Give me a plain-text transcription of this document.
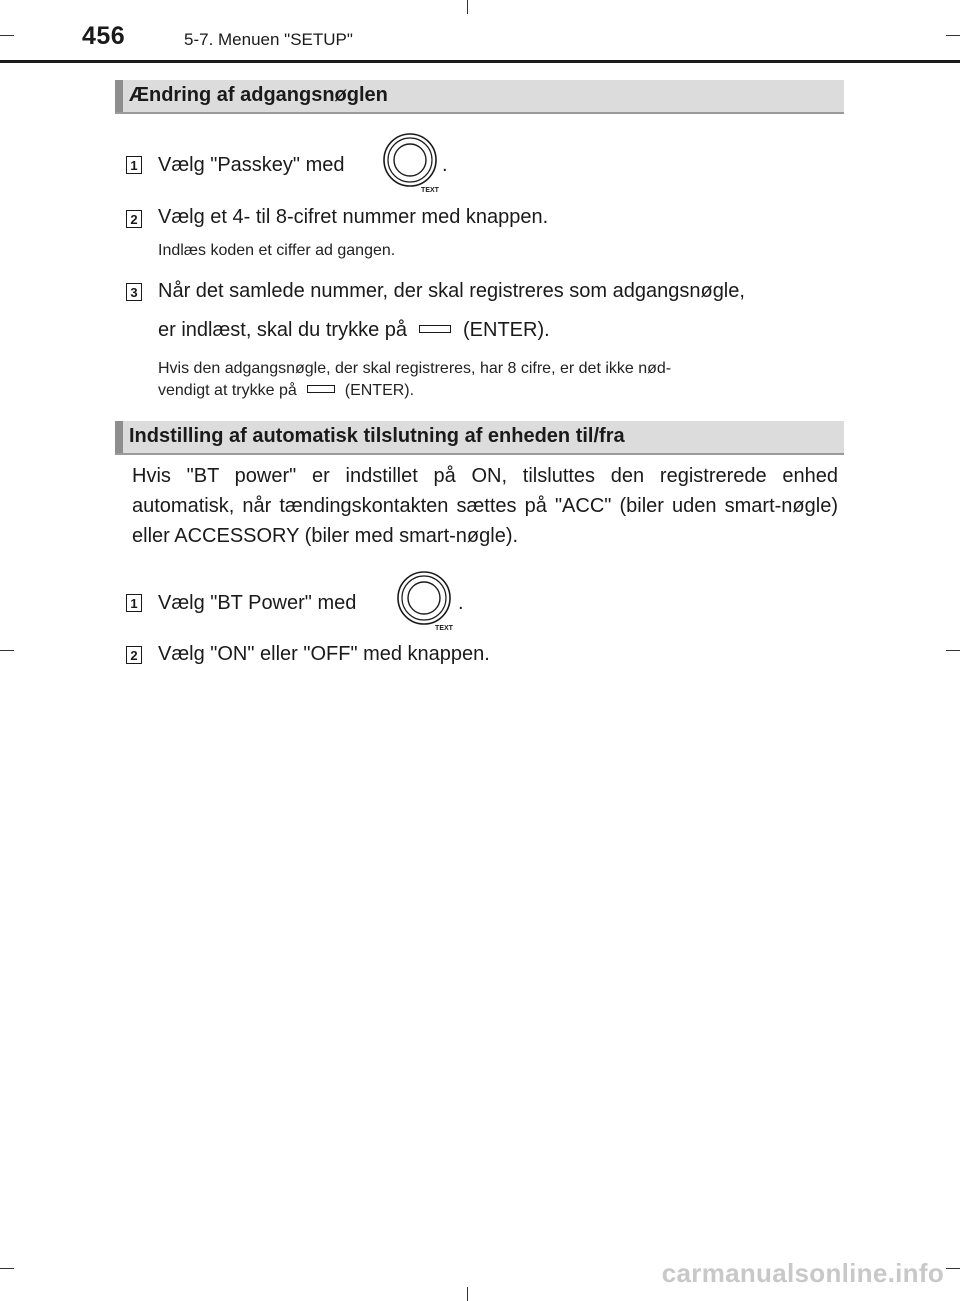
456	5-7. Menuen "SETUP"
Ændring af adgangsnøglen
1 Vælg "Passkey" med
TEXT
.
2 Vælg et 4- til 8-cifret nummer med knappen.
Indlæs koden et ciffer ad gangen.
3 Når det samlede nummer, der skal registreres som adgangsnøgle,
er indlæst, skal du trykke på	(ENTER).
Hvis den adgangsnøgle, der skal registreres, har 8 cifre, er det ikke nød-
vendigt at trykke på	(ENTER).
Indstilling af automatisk tilslutning af enheden til/fra
Hvis "BT power" er indstillet på ON, tilsluttes den registrerede enhed automatisk, når tændingskontakten sættes på "ACC" (biler uden smart-nøgle) eller ACCESSORY (biler med smart-nøgle).
1 Vælg "BT Power" med
TEXT
.
2 Vælg "ON" eller "OFF" med knappen.
carmanualsonline.info
